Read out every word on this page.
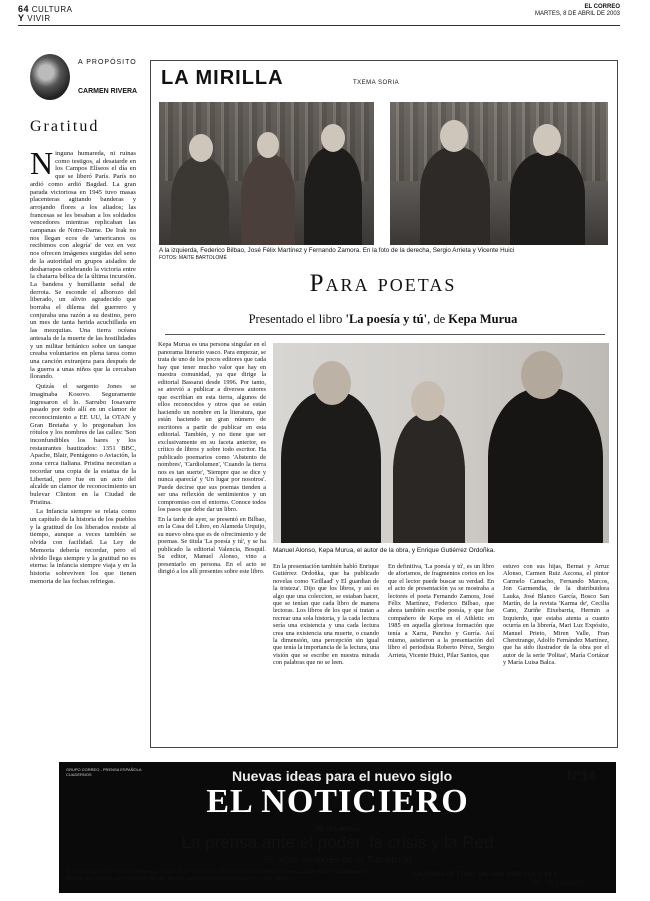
64 CULTURA
Y VIVIR
EL CORREO
MARTES, 8 DE ABRIL DE 2003
A PROPÓSITO
CARMEN RIVERA
Gratitud
N inguna humareda, ni ruinas como testigos, al desatarde en los Campos Elíseos el día en que se liberó París. París no ardió como ardió Bagdad. La gran parada victoriosa en 1945 tuvo masas placenteras agitando banderas y arrojando flores a los aliados; las francesas se les besaban a los soldados vencedores mientras replicaban las campanas de Notre-Dame. De Irak no nos llegan ecos de 'americanos os recibimos con alegría' de vez en vez nos ofrecen imágenes surgidas del seno de la autoridad en grupos aislados de desharrapos celebrando la victoria entre la chatarra bélica de la última incursión. La bandera y humillante señal de derrota. Se esconde el alborozo del liberado, un alivio agradecido que borraba el dilema del guerrero y conjuraba una razón a su destino, pero un mes de tanta herida acuchillada en las mezquitas. Una tierra océana antesala de la muerte de las hostilidades y un militar británico sobre un tanque creaba voluntarios en plena tarea como una canción extranjera para después de la guerra a unas niños que la cercaban llorando.

Quizás el sargento Jones se imaginaba Kosovo. Seguramente ingresaron el lo. Sarrubo Iosavarre pasado por todo allí en un clamor de reconocimiento a EE UU, la OTAN y Gran Bretaña y lo pregonaban los rótulos y los nombres de las calles: 'Son inconfundibles los bares y los restaurantes bautizados: 1351 BBC, Apache, Blair, Pentágono o Aviación, la zona cerca italiana. Pristina necesitan a recordar una copia de la estatua de la Libertad, pero fue en un acto del alcalde un clamor de reconocimiento un bulevar Clinton en la Ciudad de Pristina.

La Infancia siempre se relata como un capítulo de la historia de los pueblos y la gratitud de los liberados resiste al tiempo, aunque a veces también se olvida con facilidad. La Ley de Memoria debería recordar, pero el olvido llega siempre y la gratitud no es eterna: la infancia siempre viaja y en la historia sobreviven los que tienen memoria de las fechas refriegas.

LA MIRILLA	TXEMA SORIA
A la izquierda, Federico Bilbao, José Félix Martínez y Fernando Zamora. En la foto de la derecha, Sergio Arrieta y Vicente Huici
FOTOS: MAITE BARTOLOMÉ
Para poetas
Presentado el libro 'La poesía y tú', de Kepa Murua

Kepa Murua es una persona singular en el panorama literario vasco. Para empezar, se trata de uno de los pocos editores que cada hay que tener mucho valor que hay en nuestra comunidad, ya que dirige la editorial Bassarai desde 1996. Por tanto, se atrevió a publicar a diversos autores que escribían en esta tierra, algunos de ellos reconocidos y otros que se están haciendo un nombre en la literatura, que están haciendo un gran número de escritores a partir de publicar en esta editorial. También, y no tiene que ser exclusivamente en su faceta anterior, es crítico de libros y sobre todo escritor. Ha publicado poemarios como 'Abstento de nombres', 'Cardiolumen', 'Cuando la tierra nos es tan suerte', 'Siempre que se dice y nunca aparecía' y 'Un lugar por nosotros'. Puede decirse que sus poemas tienden a ser una reflexión de sentimientos y un compromiso con el entorno. Conoce todos los pasos que debe dar un libro.

En la tarde de ayer, se presentó en Bilbao, en la Casa del Libro, en Alameda Urquijo, su nuevo obra que es de ofrecimiento y de poemas. Se titula 'La poesía y tú', y se ha publicado la editorial Valencia, Bosquil. Su editor, Manuel Alonso, vino a presentarlo en persona. En el acto se dirigió a los allí presentes sobre este libro.

Manuel Alonso, Kepa Murua, el autor de la obra, y Enrique Gutiérrez Ordoñka.

En la presentación también habló Enrique Gutiérrez Ordoñka, que ha publicado novelas como 'Grillaad' y El guardian de la tristeza'. Dijo que los libros, y así es algo que una coleccion, se estaban hacer, que se tenían que cada libro de manera lectoras. Los libros de los que sí tratan a recrear una sola historia, y la cada lectura sería una existencia y una cada lectura crea una existencia una muerte, o cuando la dimensión, una percepción sin igual que tenía la importancia de la lectura, una visión que se escribe en nuestra mirada con palabras que no se leen.

En definitiva, 'La poesía y tú', es un libro de aforismos, de fragmentos cortos en los que el lector puede buscar su verdad. En el acto de presentación ya se mostraba a lectores el poeta Fernando Zamora, José Félix Martínez, Federico Bilbao, que ahora también escribe poesía, y que fue compañero de Kepa en el Athletic en 1985 en aquella gloriosa formación que tenía a Xarra, Pancho y Gurría. Así mismo, asistieron a la presentación del libro el periodista Roberto Pérez, Sergio Arrieta, Vicente Huici, Pilar Santos, que

estuvo con sus hijas, Bernat y Arruz Alonso, Carmen Ruiz Azcona, el pintor Carmelo Camacho, Fernando Marcos, Jon Garmendia, de la distribuidora Lauka, José Blanco García, Bosco San Martín, de la revista 'Karma de', Cecilia Cano, Zuriñe Etxebarria, Hermin a Izquierdo, que estaba atenta a cuanto ocurría en la librería, Mari Luz Expósito, Manuel Prieto, Miren Valle, Fran Cheretrange, Adolfo Fernández Martínez, que ha sido ilustrador de la obra por el autor de la serie 'Politas', María Cortázar y María Luisa Balca.

GRUPO CORREO - PRENSA ESPAÑOLA
CUADERNOS	Nuevas ideas para el nuevo siglo	Nº14
EL NOTICIERO
de las ideas
La prensa ante el poder, la crisis y la Red
25 años después de la Transición
Mario Onaindía, Roberto Velasco, José Luis Villacañas, Santiago Fernández Ardanaz, Juan Pedro Quiñonero y Rafael del Águila son algunas de las firmas que también colaboran en este número
SUSCRÍBASE TODO UN AÑO POR SOLO 24 €
TEL: 91 748 19 01
